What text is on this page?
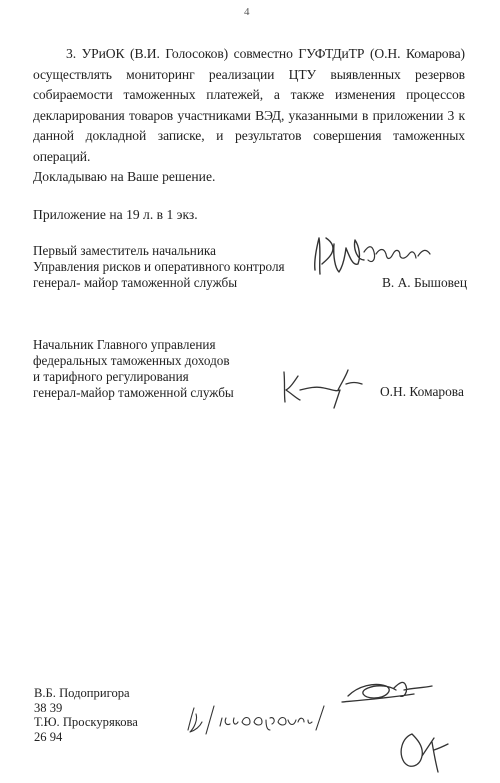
4
3. УРиОК (В.И. Голосоков) совместно ГУФТДиТР (О.Н. Комарова) осуществлять мониторинг реализации ЦТУ выявленных резервов собираемости таможенных платежей, а также изменения процессов декларирования товаров участниками ВЭД, указанными в приложении 3 к данной докладной записке, и результатов совершения таможенных операций.
Докладываю на Ваше решение.
Приложение на 19 л. в 1 экз.
Первый заместитель начальника
Управления рисков и оперативного контроля
генерал- майор таможенной службы	В. А. Бышовец
Начальник Главного управления
федеральных таможенных доходов
и тарифного регулирования
генерал-майор таможенной службы	О.Н. Комарова
В.Б. Подопригора
38 39
Т.Ю. Проскурякова
26 94
